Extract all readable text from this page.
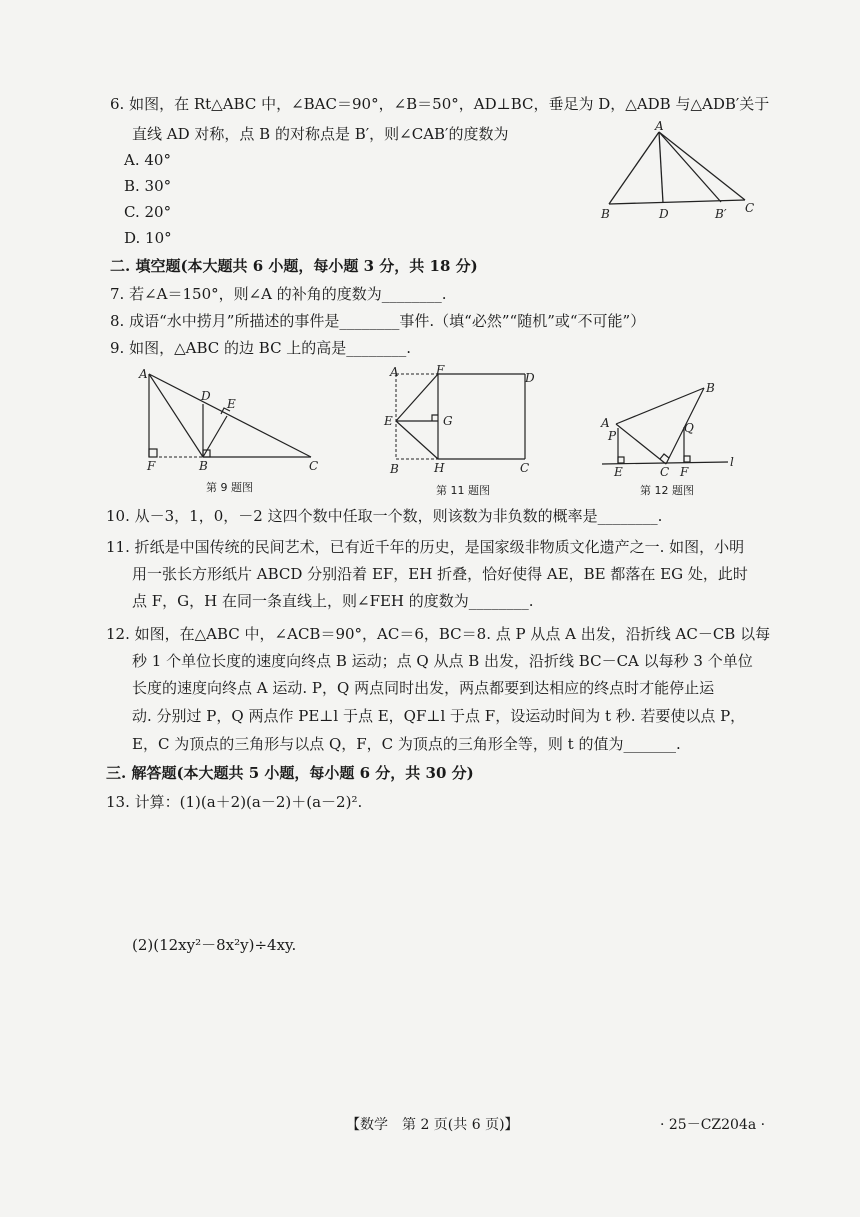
6. 如图，在 Rt△ABC 中，∠BAC＝90°，∠B＝50°，AD⊥BC，垂足为 D，△ADB 与△ADB′关于
直线 AD 对称，点 B 的对称点是 B′，则∠CAB′的度数为
A. 40°
B. 30°
C. 20°
D. 10°
A
B	D	B′ C
二. 填空题(本大题共 6 小题，每小题 3 分，共 18 分)
7. 若∠A＝150°，则∠A 的补角的度数为________.
8. 成语“水中捞月”所描述的事件是________事件.（填“必然”“随机”或“不可能”）
9. 如图，△ABC 的边 BC 上的高是________.
A
D
E
F	B	C
第 9 题图
A	F
D
E	G
B	H	C
第 11 题图
A
B
P
Q
E	C F
l
第 12 题图
10. 从－3，1，0，－2 这四个数中任取一个数，则该数为非负数的概率是________.
11. 折纸是中国传统的民间艺术，已有近千年的历史，是国家级非物质文化遗产之一. 如图，小明
用一张长方形纸片 ABCD 分别沿着 EF，EH 折叠，恰好使得 AE，BE 都落在 EG 处，此时
点 F，G，H 在同一条直线上，则∠FEH 的度数为________.
12. 如图，在△ABC 中，∠ACB＝90°，AC＝6，BC＝8. 点 P 从点 A 出发，沿折线 AC－CB 以每
秒 1 个单位长度的速度向终点 B 运动；点 Q 从点 B 出发，沿折线 BC－CA 以每秒 3 个单位
长度的速度向终点 A 运动. P，Q 两点同时出发，两点都要到达相应的终点时才能停止运
动. 分别过 P，Q 两点作 PE⊥l 于点 E，QF⊥l 于点 F，设运动时间为 t 秒. 若要使以点 P，
E，C 为顶点的三角形与以点 Q，F，C 为顶点的三角形全等，则 t 的值为_______.
三. 解答题(本大题共 5 小题，每小题 6 分，共 30 分)
13. 计算：(1)(a＋2)(a－2)＋(a－2)².
(2)(12xy²－8x²y)÷4xy.
【数学　第 2 页(共 6 页)】	· 25－CZ204a ·
